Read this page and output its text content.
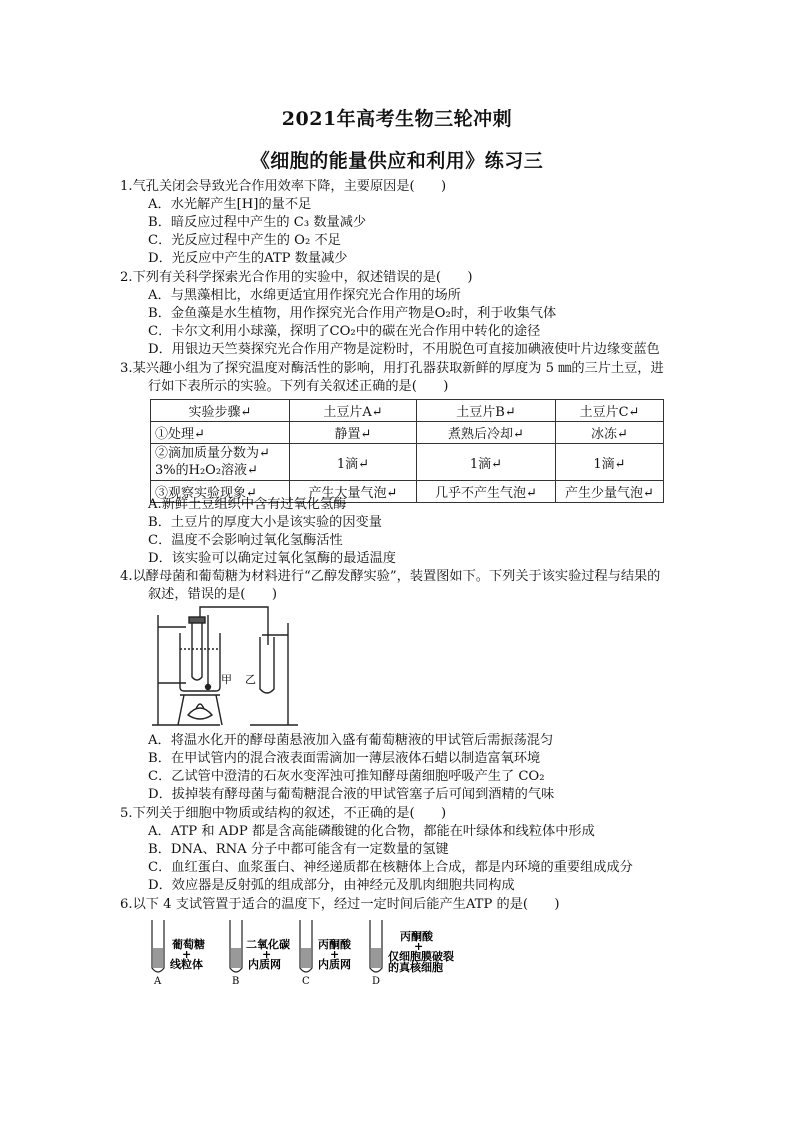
2021年高考生物三轮冲刺
《细胞的能量供应和利用》练习三
1.气孔关闭会导致光合作用效率下降，主要原因是(　　)
A．水光解产生[H]的量不足
B．暗反应过程中产生的 C₃ 数量减少
C．光反应过程中产生的 O₂ 不足
D．光反应中产生的ATP 数量减少
2.下列有关科学探索光合作用的实验中，叙述错误的是(　　)
A．与黑藻相比，水绵更适宜用作探究光合作用的场所
B．金鱼藻是水生植物，用作探究光合作用产物是O₂时，利于收集气体
C．卡尔文利用小球藻，探明了CO₂中的碳在光合作用中转化的途径
D．用银边天竺葵探究光合作用产物是淀粉时，不用脱色可直接加碘液使叶片边缘变蓝色
3.某兴趣小组为了探究温度对酶活性的影响，用打孔器获取新鲜的厚度为 5 ㎜的三片土豆，进
行如下表所示的实验。下列有关叙述正确的是(　　)
实验步骤↵	土豆片A↵	土豆片B↵	土豆片C↵
①处理↵	静置↵	煮熟后冷却↵	冰冻↵

②滴加质量分数为↵
3%的H₂O₂溶液↵	1滴↵	1滴↵	1滴↵
③观察实验现象↵	产生大量气泡↵	几乎不产生气泡↵	产生少量气泡↵
A.新鲜土豆组织中含有过氧化氢酶
B．土豆片的厚度大小是该实验的因变量
C．温度不会影响过氧化氢酶活性
D．该实验可以确定过氧化氢酶的最适温度
4.以酵母菌和葡萄糖为材料进行“乙醇发酵实验”，装置图如下。下列关于该实验过程与结果的
叙述，错误的是(　　)
甲 乙
A．将温水化开的酵母菌悬液加入盛有葡萄糖液的甲试管后需振荡混匀
B．在甲试管内的混合液表面需滴加一薄层液体石蜡以制造富氧环境
C．乙试管中澄清的石灰水变浑浊可推知酵母菌细胞呼吸产生了 CO₂
D．拔掉装有酵母菌与葡萄糖混合液的甲试管塞子后可闻到酒精的气味
5.下列关于细胞中物质或结构的叙述，不正确的是(　　)
A．ATP 和 ADP 都是含高能磷酸键的化合物，都能在叶绿体和线粒体中形成
B．DNA、RNA 分子中都可能含有一定数量的氢键
C．血红蛋白、血浆蛋白、神经递质都在核糖体上合成，都是内环境的重要组成成分
D．效应器是反射弧的组成部分，由神经元及肌肉细胞共同构成
6.以下 4 支试管置于适合的温度下，经过一定时间后能产生ATP 的是(　　)
葡萄糖
+
线粒体
A
二氧化碳
+
内质网
B
丙酮酸
+
内质网
C
丙酮酸
+
仅细胞膜破裂
的真核细胞
D
